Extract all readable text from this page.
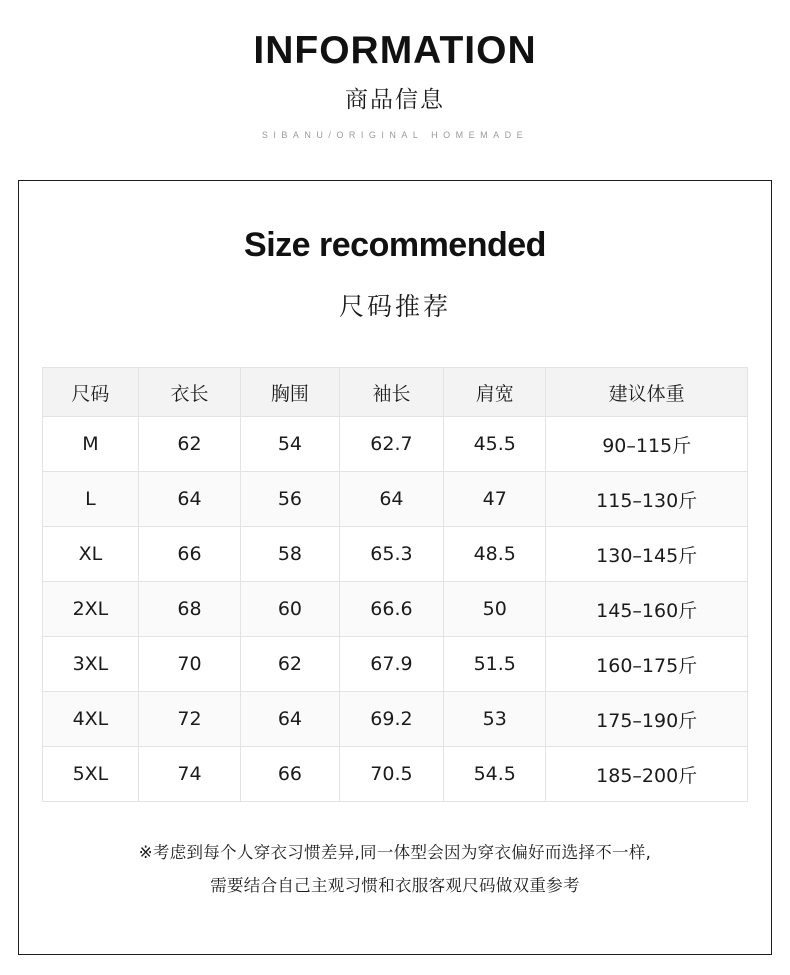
INFORMATION
商品信息
SIBANU/ORIGINAL HOMEMADE
Size recommended
尺码推荐
尺码	衣长	胸围	袖长	肩宽	建议体重
M	62	54	62.7	45.5	90–115斤
L	64	56	64	47	115–130斤
XL	66	58	65.3	48.5	130–145斤
2XL	68	60	66.6	50	145–160斤
3XL	70	62	67.9	51.5	160–175斤
4XL	72	64	69.2	53	175–190斤
5XL	74	66	70.5	54.5	185–200斤
※考虑到每个人穿衣习惯差异,同一体型会因为穿衣偏好而选择不一样,
需要结合自己主观习惯和衣服客观尺码做双重参考
